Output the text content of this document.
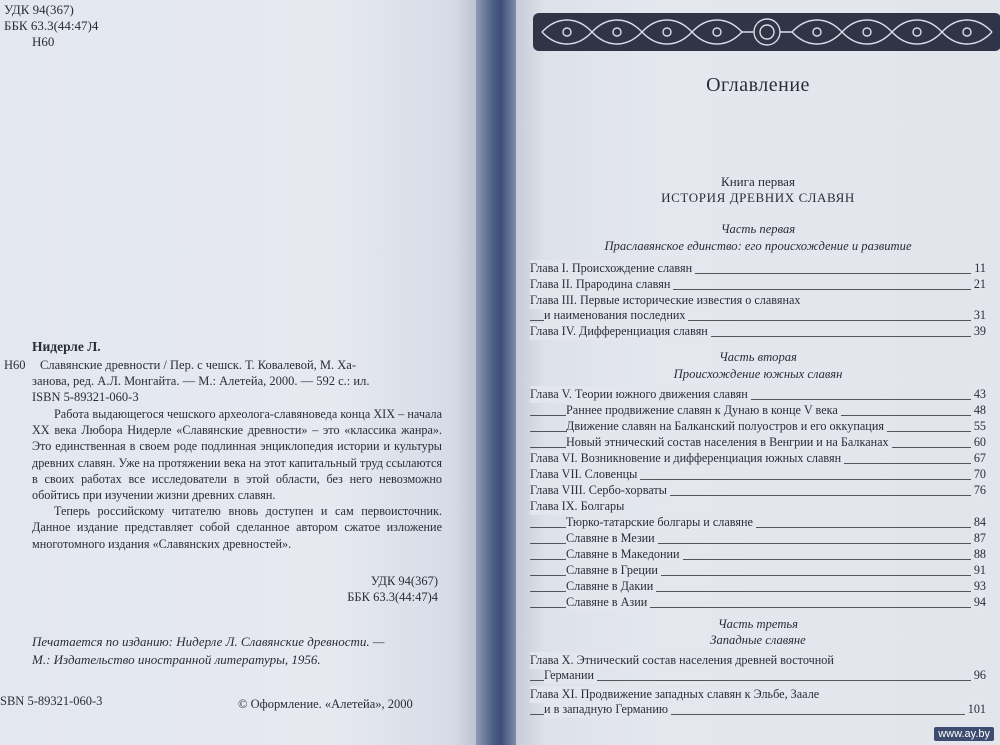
УДК 94(367)
ББК 63.3(44:47)4
Н60
Нидерле Л.
Н60 Славянские древности / Пер. с чешск. Т. Ковалевой, М. Ха-
занова, ред. А.Л. Монгайта. — М.: Алетейа, 2000. — 592 с.: ил.
ISBN 5-89321-060-3

Работа выдающегося чешского археолога-славяноведа конца XIX – начала XX века Любора Нидерле «Славянские древности» – это «классика жанра». Это единственная в своем роде подлинная энциклопедия истории и культуры древних славян. Уже на протяжении века на этот капитальный труд ссылаются в своих работах все исследователи в этой области, без него невозможно обойтись при изучении жизни древних славян.

Теперь российскому читателю вновь доступен и сам первоисточник. Данное издание представляет собой сделанное автором сжатое изложение многотомного издания «Славянских древностей».

УДК 94(367)
ББК 63.3(44:47)4
Печатается по изданию: Нидерле Л. Славянские древности. —
М.: Издательство иностранной литературы, 1956.
SBN 5-89321-060-3	© Оформление. «Алетейа», 2000
Оглавление
Книга первая
ИСТОРИЯ ДРЕВНИХ СЛАВЯН
Часть первая
Праславянское единство: его происхождение и развитие
Глава I. Происхождение славян	11
Глава II. Прародина славян	21
Глава III. Первые исторические известия о славянах
и наименования последних	31
Глава IV. Дифференциация славян	39
Часть вторая
Происхождение южных славян
Глава V. Теории южного движения славян	43
Раннее продвижение славян к Дунаю в конце V века	48
Движение славян на Балканский полуостров и его оккупация	55
Новый этнический состав населения в Венгрии и на Балканах	60
Глава VI. Возникновение и дифференциация южных славян	67
Глава VII. Словенцы	70
Глава VIII. Сербо-хорваты	76
Глава IX. Болгары
Тюрко-татарские болгары и славяне	84
Славяне в Мезии	87
Славяне в Македонии	88
Славяне в Греции	91
Славяне в Дакии	93
Славяне в Азии	94
Часть третья
Западные славяне
Глава X. Этнический состав населения древней восточной
Германии	96
Глава XI. Продвижение западных славян к Эльбе, Заале
и в западную Германию	101
www.ay.by
